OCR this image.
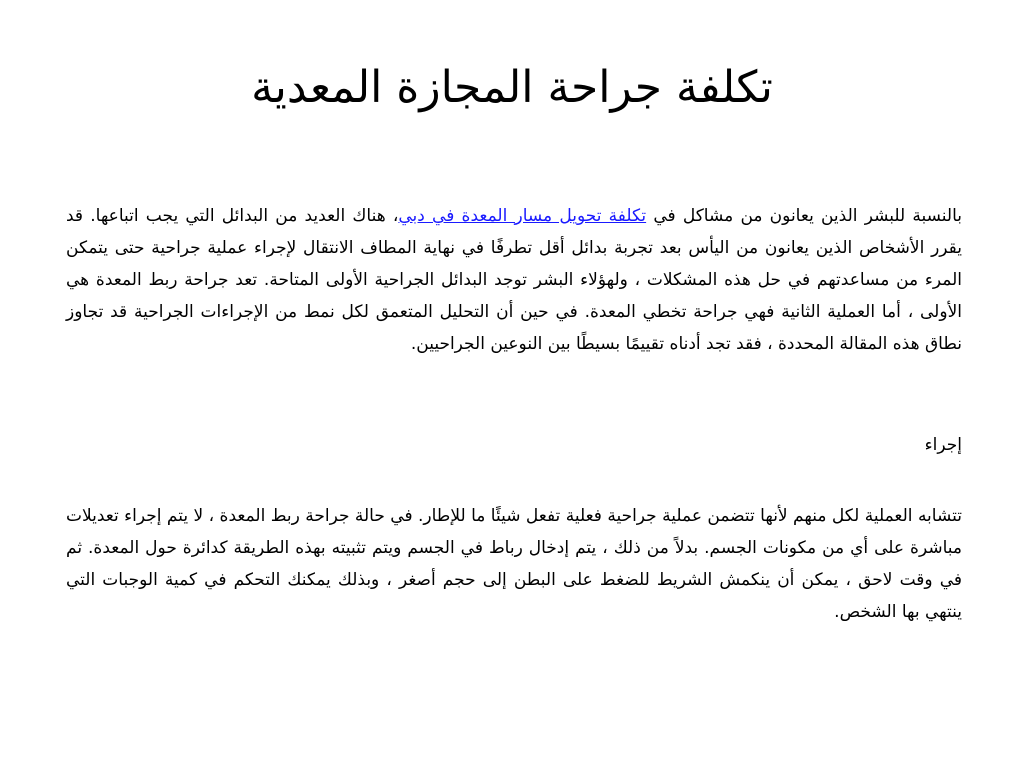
تكلفة جراحة المجازة المعدية

بالنسبة للبشر الذين يعانون من مشاكل في تكلفة تحويل مسار المعدة في دبي، هناك العديد من البدائل التي يجب اتباعها. قد يقرر الأشخاص الذين يعانون من اليأس بعد تجربة بدائل أقل تطرفًا في نهاية المطاف الانتقال لإجراء عملية جراحية حتى يتمكن المرء من مساعدتهم في حل هذه المشكلات ، ولهؤلاء البشر توجد البدائل الجراحية الأولى المتاحة. تعد جراحة ربط المعدة هي الأولى ، أما العملية الثانية فهي جراحة تخطي المعدة. في حين أن التحليل المتعمق لكل نمط من الإجراءات الجراحية قد تجاوز نطاق هذه المقالة المحددة ، فقد تجد أدناه تقييمًا بسيطًا بين النوعين الجراحيين.

إجراء

تتشابه العملية لكل منهم لأنها تتضمن عملية جراحية فعلية تفعل شيئًا ما للإطار. في حالة جراحة ربط المعدة ، لا يتم إجراء تعديلات مباشرة على أي من مكونات الجسم. بدلاً من ذلك ، يتم إدخال رباط في الجسم ويتم تثبيته بهذه الطريقة كدائرة حول المعدة. ثم في وقت لاحق ، يمكن أن ينكمش الشريط للضغط على البطن إلى حجم أصغر ، وبذلك يمكنك التحكم في كمية الوجبات التي ينتهي بها الشخص.
